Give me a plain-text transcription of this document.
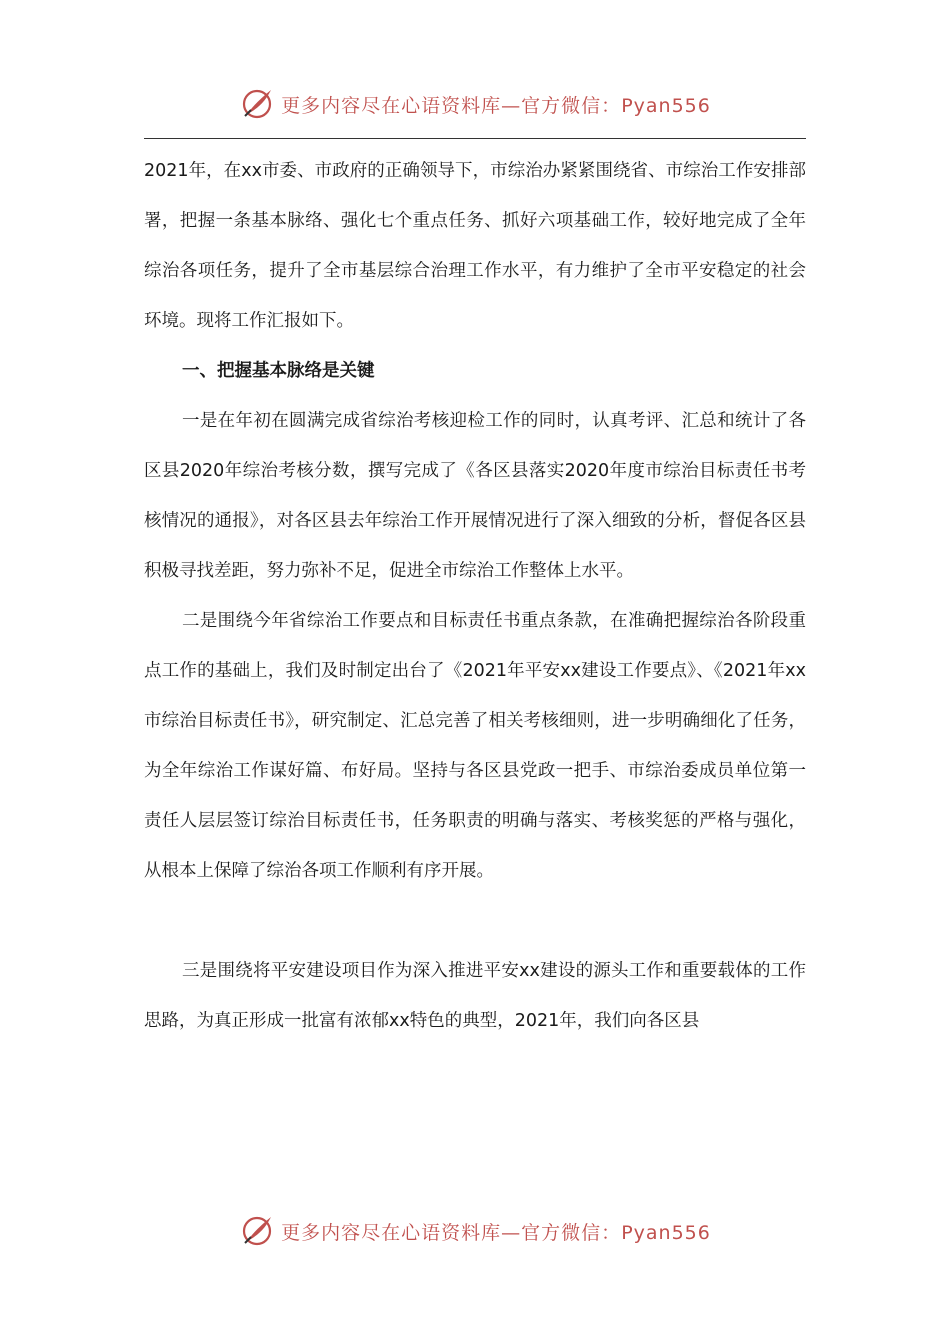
更多内容尽在心语资料库—官方微信：Pyan556

2021年，在xx市委、市政府的正确领导下，市综治办紧紧围绕省、市综治工作安排部署，把握一条基本脉络、强化七个重点任务、抓好六项基础工作，较好地完成了全年综治各项任务，提升了全市基层综合治理工作水平，有力维护了全市平安稳定的社会环境。现将工作汇报如下。

一、把握基本脉络是关键

一是在年初在圆满完成省综治考核迎检工作的同时，认真考评、汇总和统计了各区县2020年综治考核分数，撰写完成了《各区县落实2020年度市综治目标责任书考核情况的通报》，对各区县去年综治工作开展情况进行了深入细致的分析，督促各区县积极寻找差距，努力弥补不足，促进全市综治工作整体上水平。

二是围绕今年省综治工作要点和目标责任书重点条款，在准确把握综治各阶段重点工作的基础上，我们及时制定出台了《2021年平安xx建设工作要点》、《2021年xx市综治目标责任书》，研究制定、汇总完善了相关考核细则，进一步明确细化了任务，为全年综治工作谋好篇、布好局。坚持与各区县党政一把手、市综治委成员单位第一责任人层层签订综治目标责任书，任务职责的明确与落实、考核奖惩的严格与强化，从根本上保障了综治各项工作顺利有序开展。

三是围绕将平安建设项目作为深入推进平安xx建设的源头工作和重要载体的工作思路，为真正形成一批富有浓郁xx特色的典型，2021年，我们向各区县

更多内容尽在心语资料库—官方微信：Pyan556
